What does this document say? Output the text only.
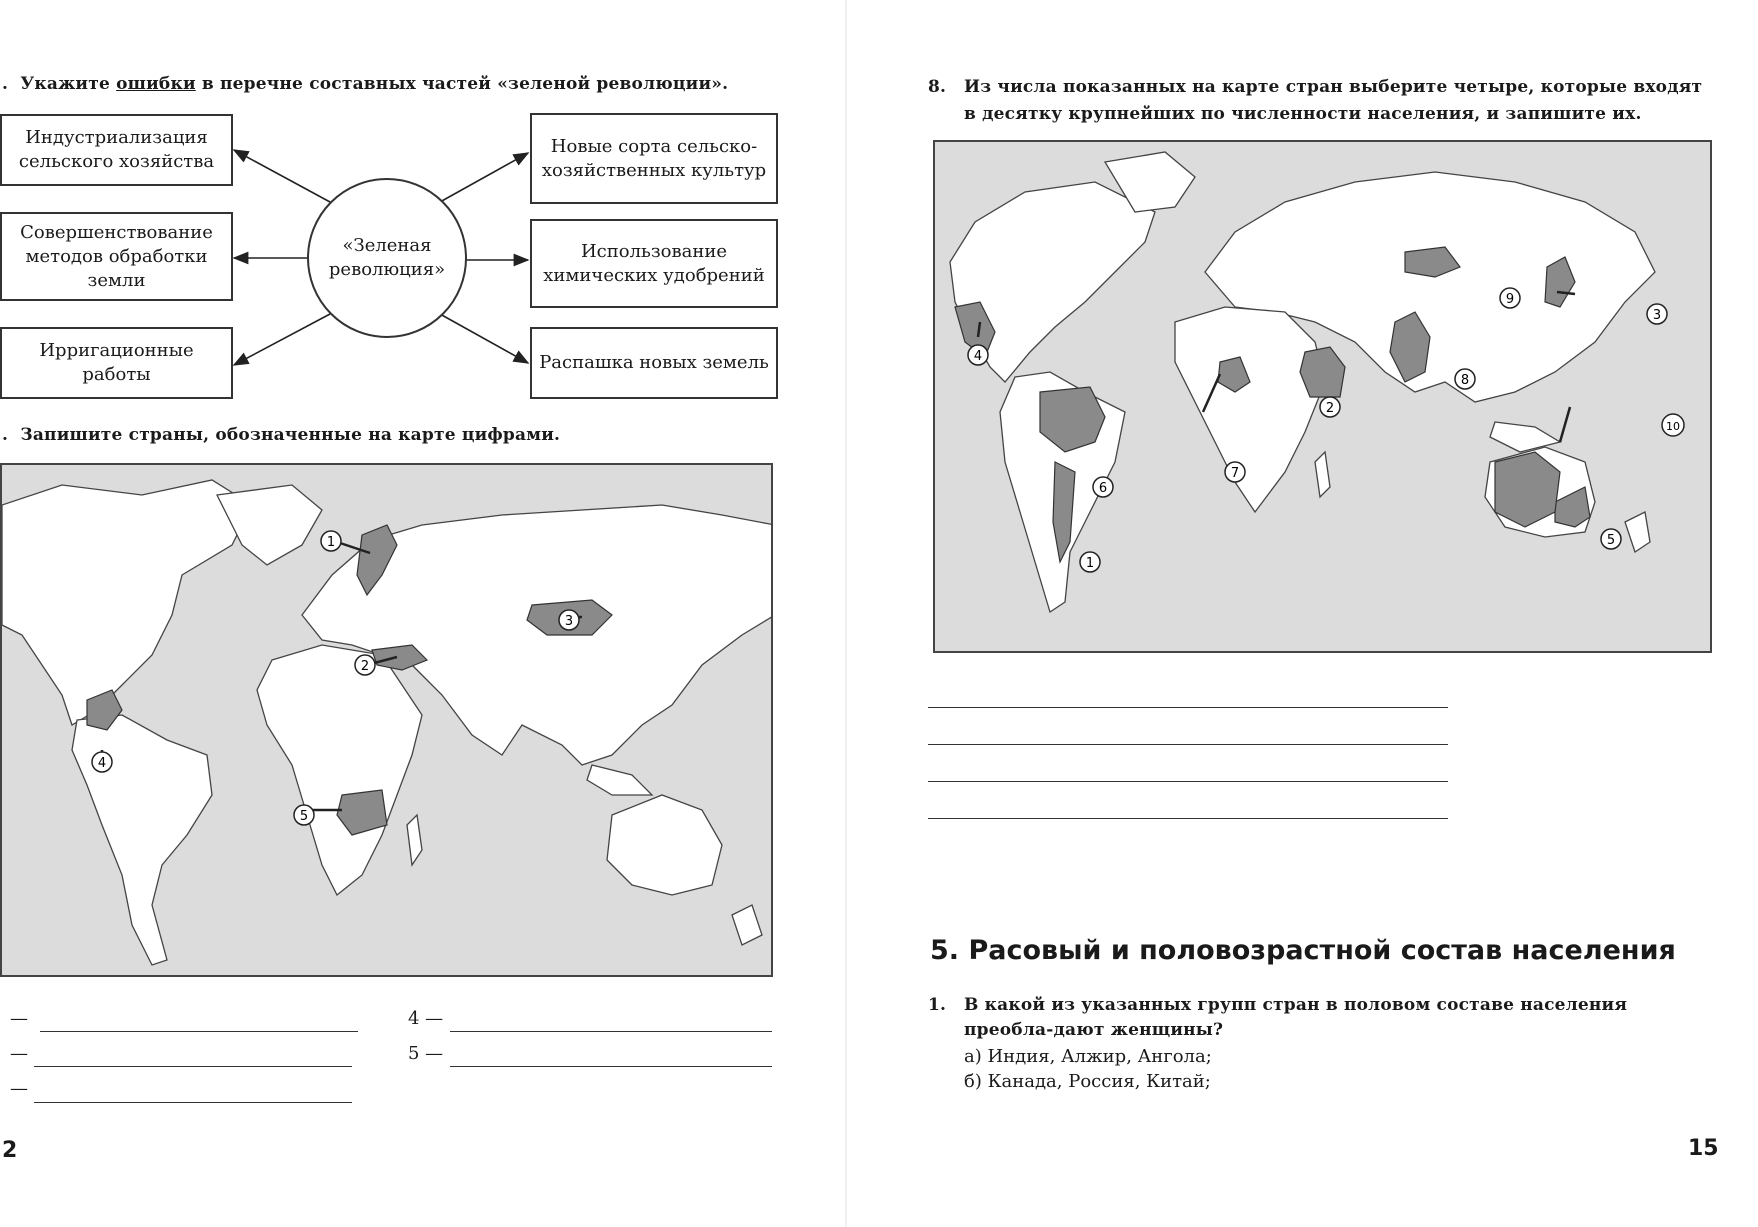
. Укажите ошибки в перечне составных частей «зеленой революции».
«Зеленая революция»
Индустриализация сельского хозяйства
Совершенствование методов обработки земли
Ирригационные работы
Новые сорта сельско-хозяйственных культур
Использование химических удобрений
Распашка новых земель
. Запишите страны, обозначенные на карте цифрами.
1
2
3
4
5
—
—
—
4 —
5 —
2
8. Из числа показанных на карте стран выберите четыре, которые входят в десятку крупнейших по численности населения, и запишите их.
1
2
3
4
5
6
7
8
9
10
5. Расовый и половозрастной состав населения
1. В какой из указанных групп стран в половом составе населения преоблa-дают женщины?
а) Индия, Алжир, Ангола;
б) Канада, Россия, Китай;
15
